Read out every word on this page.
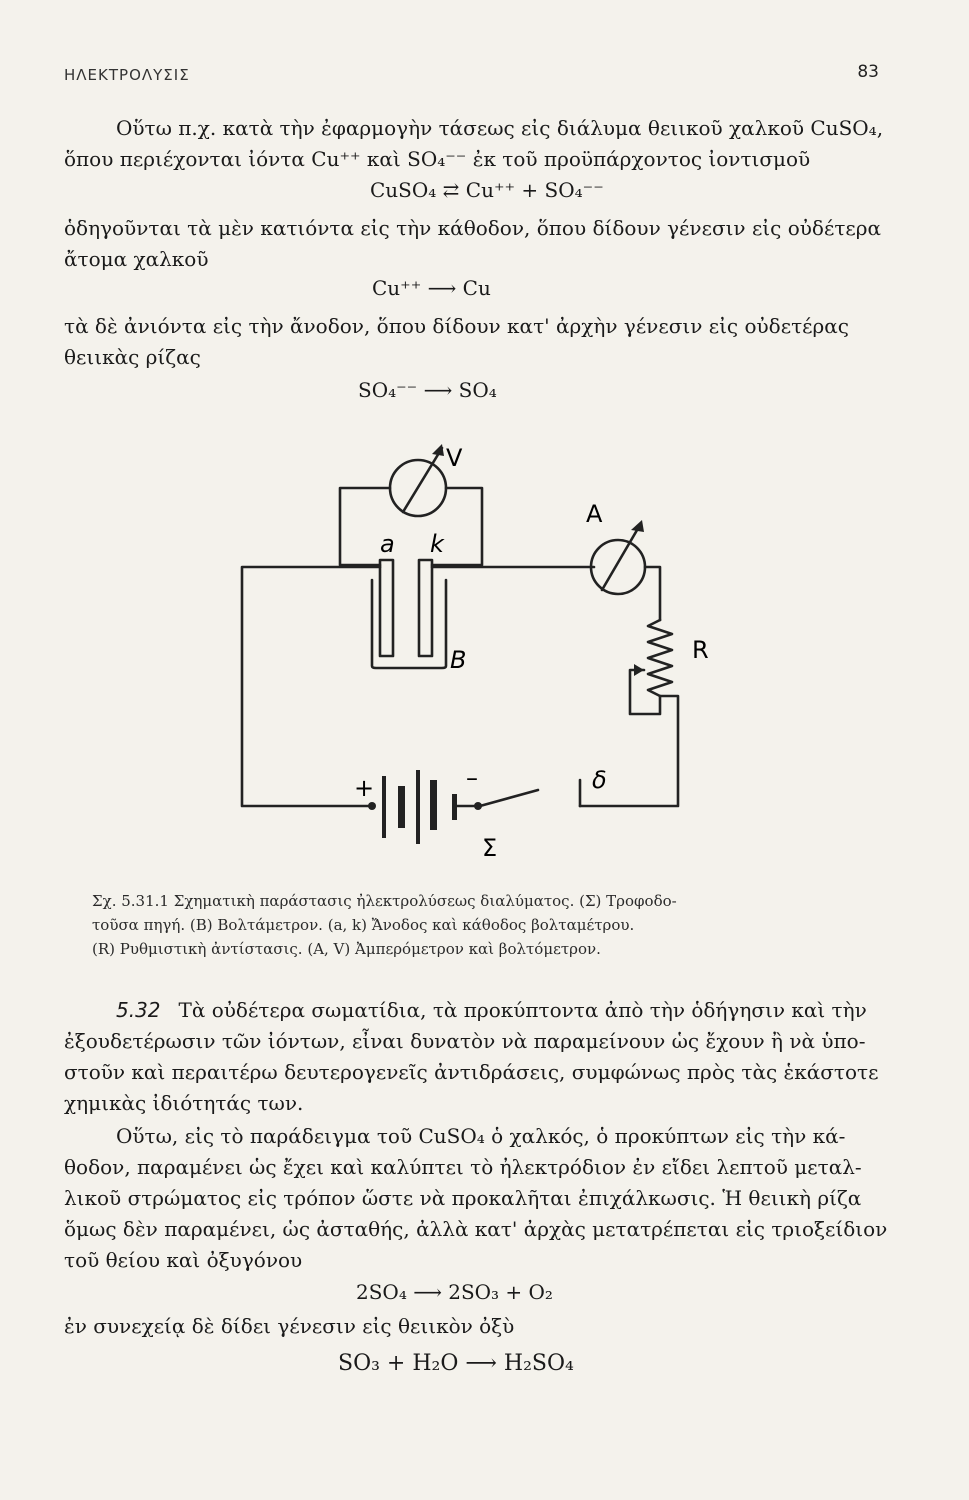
ΗΛΕΚΤΡΟΛΥΣΙΣ	83
Οὕτω π.χ. κατὰ τὴν ἐφαρμογὴν τάσεως εἰς διάλυμα θειικοῦ χαλκοῦ CuSO₄,
ὅπου περιέχονται ἰόντα Cu⁺⁺ καὶ SO₄⁻⁻ ἐκ τοῦ προϋπάρχοντος ἰοντισμοῦ
CuSO₄ ⇄ Cu⁺⁺ + SO₄⁻⁻
ὁδηγοῦνται τὰ μὲν κατιόντα εἰς τὴν κάθοδον, ὅπου δίδουν γένεσιν εἰς οὐδέτερα
ἄτομα χαλκοῦ
Cu⁺⁺ ⟶ Cu
τὰ δὲ ἀνιόντα εἰς τὴν ἄνοδον, ὅπου δίδουν κατ' ἀρχὴν γένεσιν εἰς οὐδετέρας
θειικὰς ρίζας
SO₄⁻⁻ ⟶ SO₄
V
A
a k
B	R
δ
Σ
+	–
Σχ. 5.31.1 Σχηματικὴ παράστασις ἠλεκτρολύσεως διαλύματος. (Σ) Τροφοδο-
τοῦσα πηγή. (B) Βολτάμετρον. (a, k) Ἄνοδος καὶ κάθοδος βολταμέτρου.
(R) Ρυθμιστικὴ ἀντίστασις. (A, V) Ἀμπερόμετρον καὶ βολτόμετρον.
5.32 Τὰ οὐδέτερα σωματίδια, τὰ προκύπτοντα ἀπὸ τὴν ὁδήγησιν καὶ τὴν
ἐξουδετέρωσιν τῶν ἰόντων, εἶναι δυνατὸν νὰ παραμείνουν ὡς ἔχουν ἢ νὰ ὑπο-
στοῦν καὶ περαιτέρω δευτερογενεῖς ἀντιδράσεις, συμφώνως πρὸς τὰς ἑκάστοτε
χημικὰς ἰδιότητάς των.
Οὕτω, εἰς τὸ παράδειγμα τοῦ CuSO₄ ὁ χαλκός, ὁ προκύπτων εἰς τὴν κά-
θοδον, παραμένει ὡς ἔχει καὶ καλύπτει τὸ ἠλεκτρόδιον ἐν εἴδει λεπτοῦ μεταλ-
λικοῦ στρώματος εἰς τρόπον ὥστε νὰ προκαλῆται ἐπιχάλκωσις. Ἡ θειικὴ ρίζα
ὅμως δὲν παραμένει, ὡς ἀσταθής, ἀλλὰ κατ' ἀρχὰς μετατρέπεται εἰς τριοξείδιον
τοῦ θείου καὶ ὀξυγόνου
2SO₄ ⟶ 2SO₃ + O₂
ἐν συνεχείᾳ δὲ δίδει γένεσιν εἰς θειικὸν ὀξὺ
SO₃ + H₂O ⟶ H₂SO₄
